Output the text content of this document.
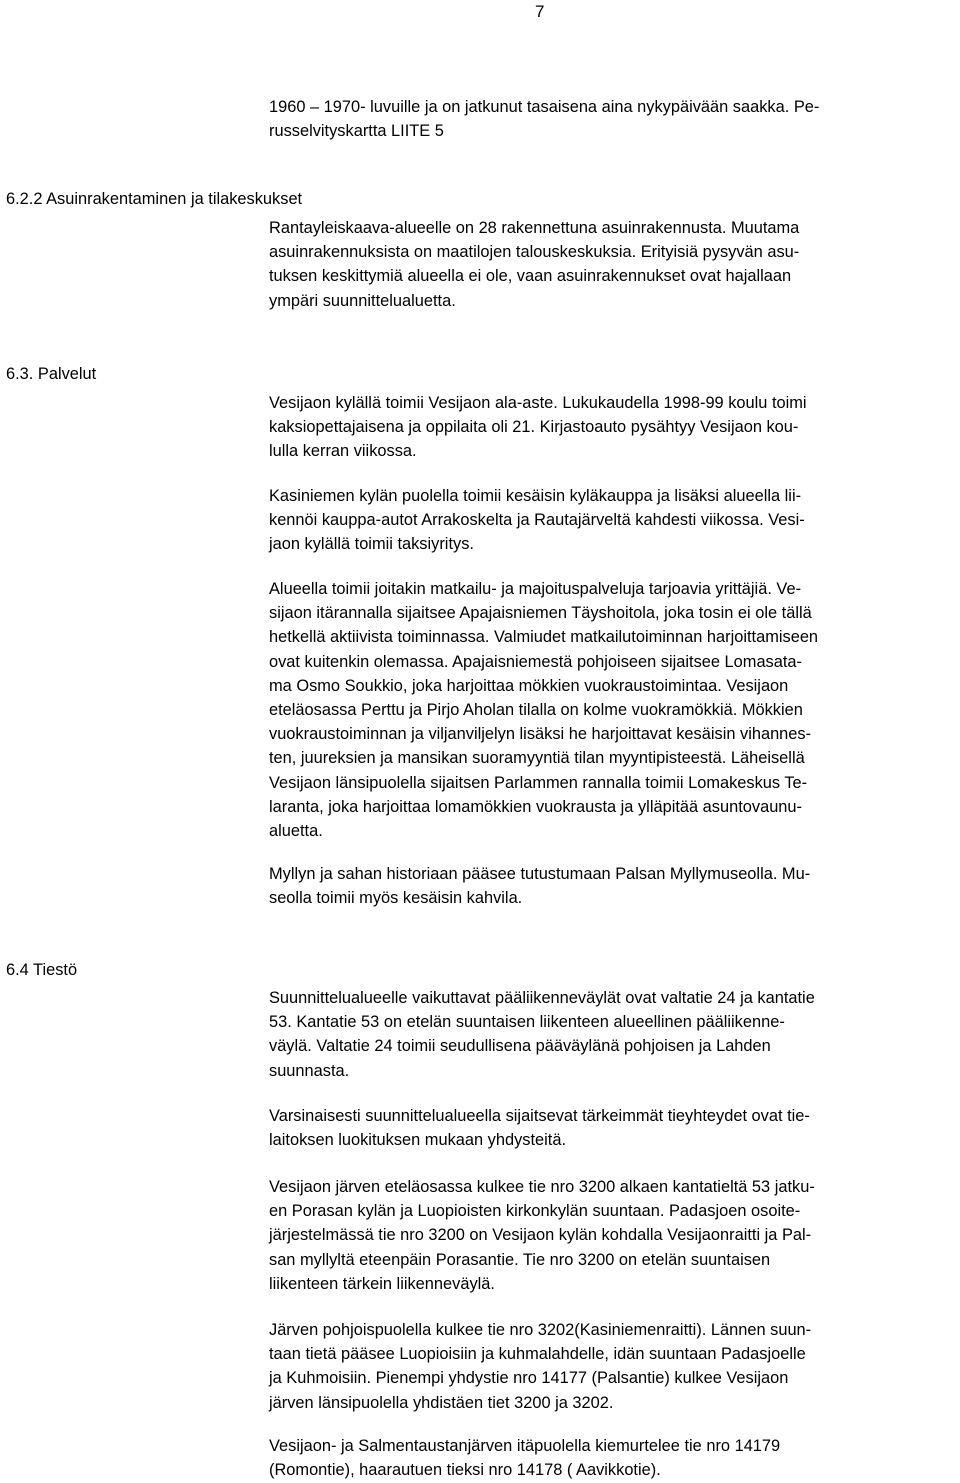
7

1960 – 1970- luvuille ja on jatkunut tasaisena aina nykypäivään saakka. Pe-
russelvityskartta LIITE 5

6.2.2 Asuinrakentaminen ja tilakeskukset

Rantayleiskaava-alueelle on 28 rakennettuna asuinrakennusta. Muutama
asuinrakennuksista on maatilojen talouskeskuksia. Erityisiä pysyvän asu-
tuksen keskittymiä alueella ei ole, vaan asuinrakennukset ovat hajallaan
ympäri suunnittelualuetta.

6.3. Palvelut

Vesijaon kylällä toimii Vesijaon ala-aste. Lukukaudella 1998-99 koulu toimi
kaksiopettajaisena ja oppilaita oli 21. Kirjastoauto pysähtyy Vesijaon kou-
lulla kerran viikossa.

Kasiniemen kylän puolella toimii kesäisin kyläkauppa ja lisäksi alueella lii-
kennöi kauppa-autot Arrakoskelta ja Rautajärveltä kahdesti viikossa. Vesi-
jaon kylällä toimii taksiyritys.

Alueella toimii joitakin matkailu- ja majoituspalveluja tarjoavia yrittäjiä. Ve-
sijaon itärannalla sijaitsee Apajaisniemen Täyshoitola, joka tosin ei ole tällä
hetkellä aktiivista toiminnassa. Valmiudet matkailutoiminnan harjoittamiseen
ovat kuitenkin olemassa. Apajaisniemestä pohjoiseen sijaitsee Lomasata-
ma Osmo Soukkio, joka harjoittaa mökkien vuokraustoimintaa. Vesijaon
eteläosassa Perttu ja Pirjo Aholan tilalla on kolme vuokramökkiä. Mökkien
vuokraustoiminnan ja viljanviljelyn lisäksi he harjoittavat kesäisin vihannes-
ten, juureksien ja mansikan suoramyyntiä tilan myyntipisteestä. Läheisellä
Vesijaon länsipuolella sijaitsen Parlammen rannalla toimii Lomakeskus Te-
laranta, joka harjoittaa lomamökkien vuokrausta ja ylläpitää asuntovaunu-
aluetta.

Myllyn ja sahan historiaan pääsee tutustumaan Palsan Myllymuseolla. Mu-
seolla toimii myös kesäisin kahvila.

6.4 Tiestö

Suunnittelualueelle vaikuttavat pääliikenneväylät ovat valtatie 24 ja kantatie
53. Kantatie 53 on etelän suuntaisen liikenteen alueellinen pääliikenne-
väylä. Valtatie 24 toimii seudullisena pääväylänä pohjoisen ja Lahden
suunnasta.

Varsinaisesti suunnittelualueella sijaitsevat tärkeimmät tieyhteydet ovat tie-
laitoksen luokituksen mukaan yhdysteitä.

Vesijaon järven eteläosassa kulkee tie nro 3200 alkaen kantatieltä 53 jatku-
en Porasan kylän ja Luopioisten kirkonkylän suuntaan. Padasjoen osoite-
järjestelmässä tie nro 3200 on Vesijaon kylän kohdalla Vesijaonraitti ja Pal-
san myllyltä eteenpäin Porasantie. Tie nro 3200 on etelän suuntaisen
liikenteen tärkein liikenneväylä.

Järven pohjoispuolella kulkee tie nro 3202(Kasiniemenraitti). Lännen suun-
taan tietä pääsee Luopioisiin ja kuhmalahdelle, idän suuntaan Padasjoelle
ja Kuhmoisiin. Pienempi yhdystie nro 14177 (Palsantie) kulkee Vesijaon
järven länsipuolella yhdistäen tiet 3200 ja 3202.

Vesijaon- ja Salmentaustanjärven itäpuolella kiemurtelee tie nro 14179
(Romontie), haarautuen tieksi nro 14178 ( Aavikkotie).
